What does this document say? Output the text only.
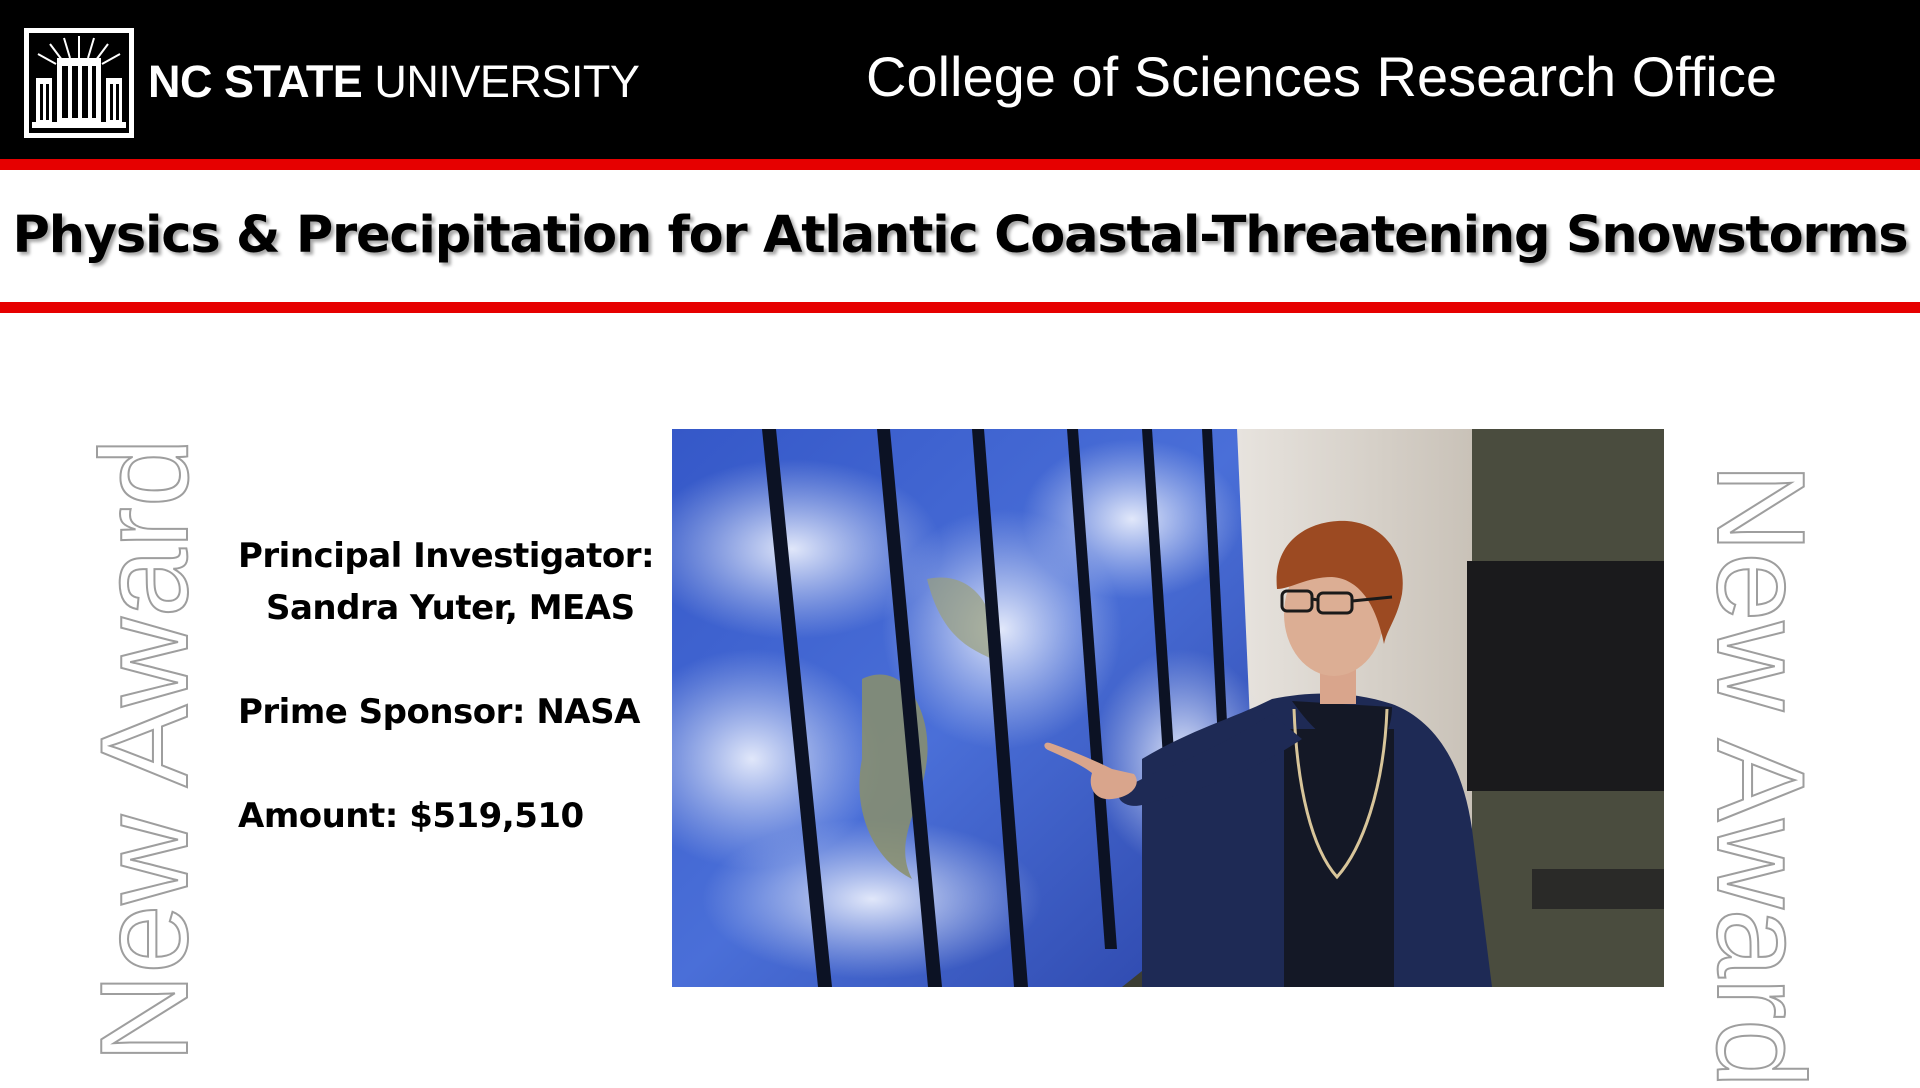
NC STATE UNIVERSITY	College of Sciences Research Office
Physics & Precipitation for Atlantic Coastal-Threatening Snowstorms
New Award	New Award
Principal Investigator:
Sandra Yuter, MEAS
Prime Sponsor: NASA
Amount: $519,510
